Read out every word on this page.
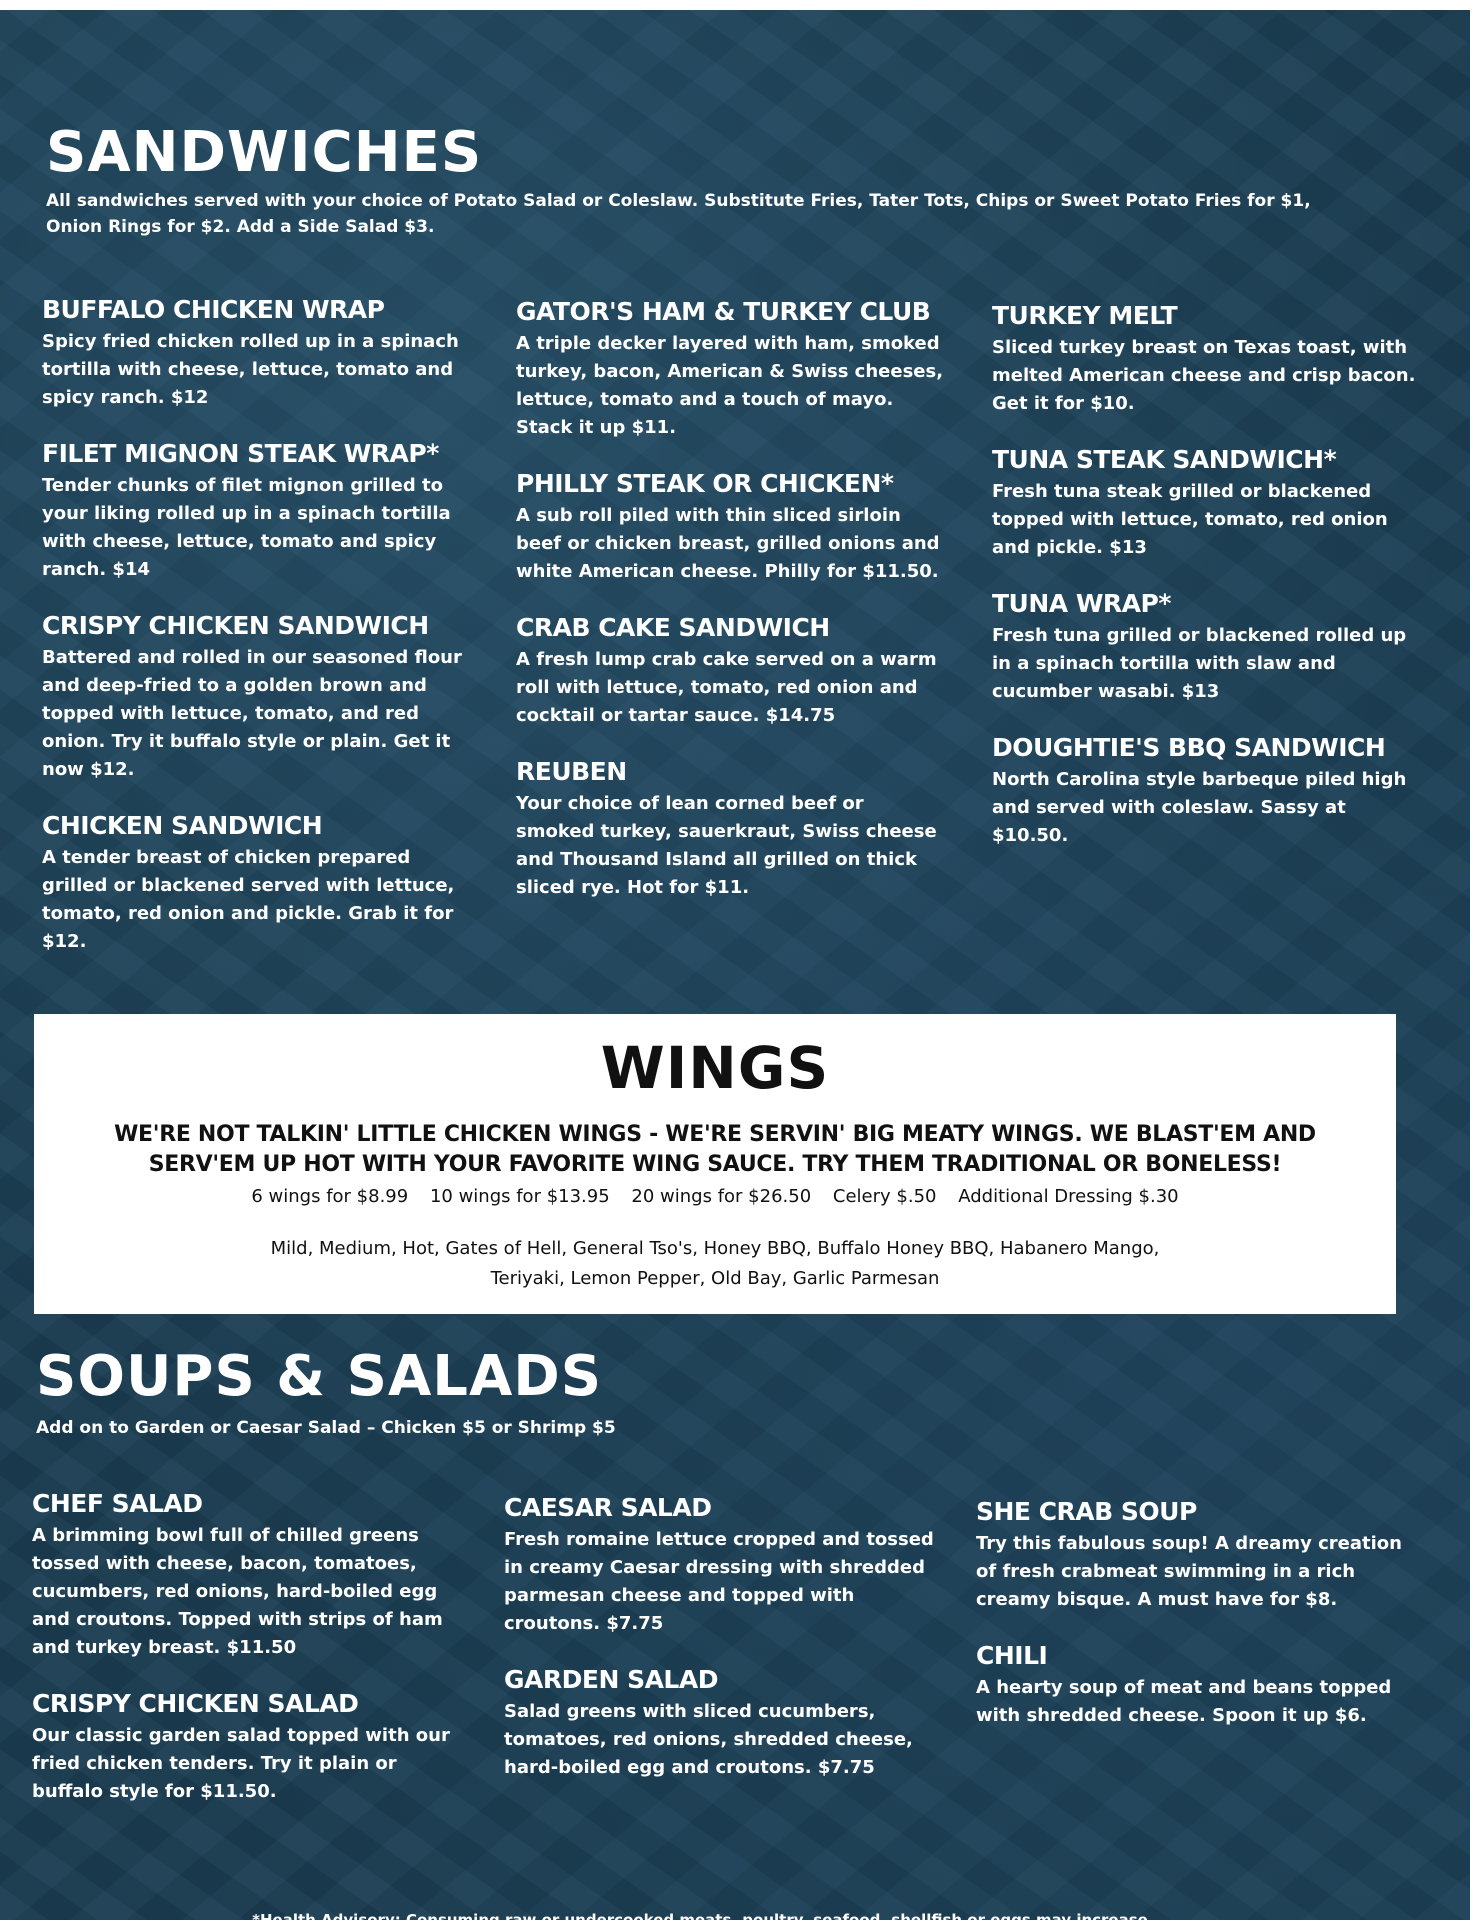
SANDWICHES

All sandwiches served with your choice of Potato Salad or Coleslaw. Substitute Fries, Tater Tots, Chips or Sweet Potato Fries for $1, Onion Rings for $2. Add a Side Salad $3.

BUFFALO CHICKEN WRAP

Spicy fried chicken rolled up in a spinach tortilla with cheese, lettuce, tomato and spicy ranch. $12

FILET MIGNON STEAK WRAP*

Tender chunks of filet mignon grilled to your liking rolled up in a spinach tortilla with cheese, lettuce, tomato and spicy ranch. $14

CRISPY CHICKEN SANDWICH

Battered and rolled in our seasoned flour and deep-fried to a golden brown and topped with lettuce, tomato, and red onion. Try it buffalo style or plain. Get it now $12.

CHICKEN SANDWICH

A tender breast of chicken prepared grilled or blackened served with lettuce, tomato, red onion and pickle. Grab it for $12.

GATOR'S HAM & TURKEY CLUB

A triple decker layered with ham, smoked turkey, bacon, American & Swiss cheeses, lettuce, tomato and a touch of mayo. Stack it up $11.

PHILLY STEAK OR CHICKEN*

A sub roll piled with thin sliced sirloin beef or chicken breast, grilled onions and white American cheese. Philly for $11.50.

CRAB CAKE SANDWICH

A fresh lump crab cake served on a warm roll with lettuce, tomato, red onion and cocktail or tartar sauce. $14.75

REUBEN

Your choice of lean corned beef or smoked turkey, sauerkraut, Swiss cheese and Thousand Island all grilled on thick sliced rye. Hot for $11.

TURKEY MELT

Sliced turkey breast on Texas toast, with melted American cheese and crisp bacon. Get it for $10.

TUNA STEAK SANDWICH*

Fresh tuna steak grilled or blackened topped with lettuce, tomato, red onion and pickle. $13

TUNA WRAP*

Fresh tuna grilled or blackened rolled up in a spinach tortilla with slaw and cucumber wasabi. $13

DOUGHTIE'S BBQ SANDWICH

North Carolina style barbeque piled high and served with coleslaw. Sassy at $10.50.

WINGS

WE'RE NOT TALKIN' LITTLE CHICKEN WINGS - WE'RE SERVIN' BIG MEATY WINGS. WE BLAST'EM AND SERV'EM UP HOT WITH YOUR FAVORITE WING SAUCE. TRY THEM TRADITIONAL OR BONELESS!

6 wings for $8.99 10 wings for $13.95 20 wings for $26.50 Celery $.50 Additional Dressing $.30

Mild, Medium, Hot, Gates of Hell, General Tso's, Honey BBQ, Buffalo Honey BBQ, Habanero Mango, Teriyaki, Lemon Pepper, Old Bay, Garlic Parmesan

SOUPS & SALADS

Add on to Garden or Caesar Salad – Chicken $5 or Shrimp $5

CHEF SALAD

A brimming bowl full of chilled greens tossed with cheese, bacon, tomatoes, cucumbers, red onions, hard-boiled egg and croutons. Topped with strips of ham and turkey breast. $11.50

CRISPY CHICKEN SALAD

Our classic garden salad topped with our fried chicken tenders. Try it plain or buffalo style for $11.50.

CAESAR SALAD

Fresh romaine lettuce cropped and tossed in creamy Caesar dressing with shredded parmesan cheese and topped with croutons. $7.75

GARDEN SALAD

Salad greens with sliced cucumbers, tomatoes, red onions, shredded cheese, hard-boiled egg and croutons. $7.75

SHE CRAB SOUP

Try this fabulous soup! A dreamy creation of fresh crabmeat swimming in a rich creamy bisque. A must have for $8.

CHILI

A hearty soup of meat and beans topped with shredded cheese. Spoon it up $6.

*Health Advisory: Consuming raw or undercooked meats, poultry, seafood, shellfish or eggs may increase
